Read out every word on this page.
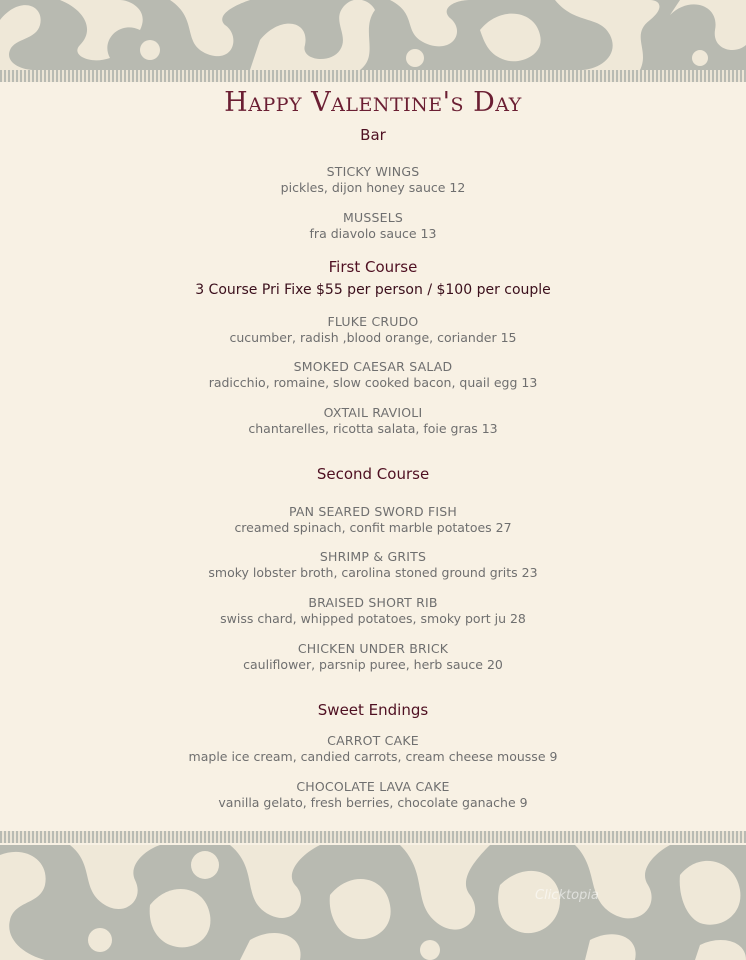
Happy Valentine's Day
Bar
STICKY WINGS
pickles, dijon honey sauce 12
MUSSELS
fra diavolo sauce 13
First Course
3 Course Pri Fixe $55 per person / $100 per couple
FLUKE CRUDO
cucumber, radish ,blood orange, coriander 15
SMOKED CAESAR SALAD
radicchio, romaine, slow cooked bacon, quail egg 13
OXTAIL RAVIOLI
chantarelles, ricotta salata, foie gras 13
Second Course
PAN SEARED SWORD FISH
creamed spinach, confit marble potatoes 27
SHRIMP & GRITS
smoky lobster broth, carolina stoned ground grits 23
BRAISED SHORT RIB
swiss chard, whipped potatoes, smoky port ju 28
CHICKEN UNDER BRICK
cauliflower, parsnip puree, herb sauce 20
Sweet Endings
CARROT CAKE
maple ice cream, candied carrots, cream cheese mousse 9
CHOCOLATE LAVA CAKE
vanilla gelato, fresh berries, chocolate ganache 9
Clicktopia
